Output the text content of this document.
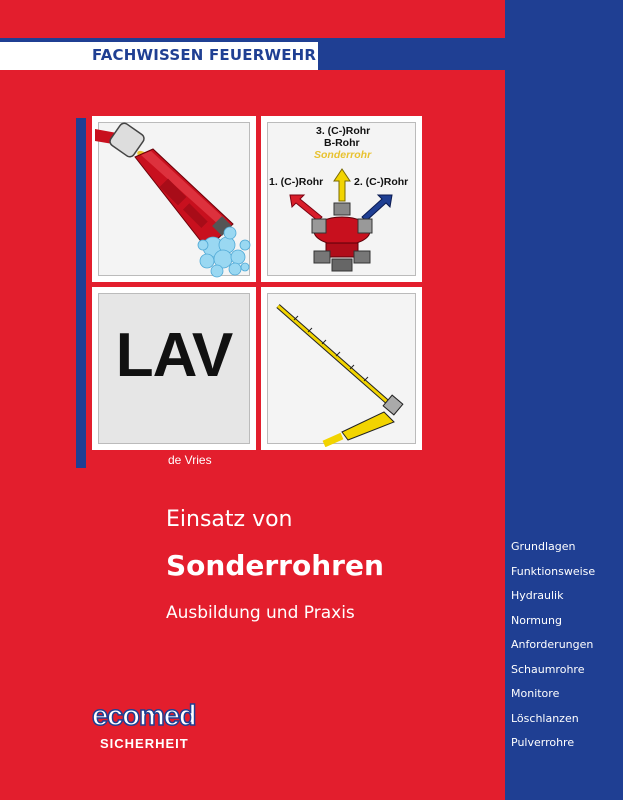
FACHWISSEN FEUERWEHR
3. (C-)Rohr
B-Rohr
Sonderrohr
1. (C-)Rohr	2. (C-)Rohr
LAV
de Vries
Einsatz von
Sonderrohren
Ausbildung und Praxis
Grundlagen
Funktionsweise
Hydraulik
Normung
Anforderungen
Schaumrohre
Monitore
Löschlanzen
Pulverrohre
ecomed
SICHERHEIT
